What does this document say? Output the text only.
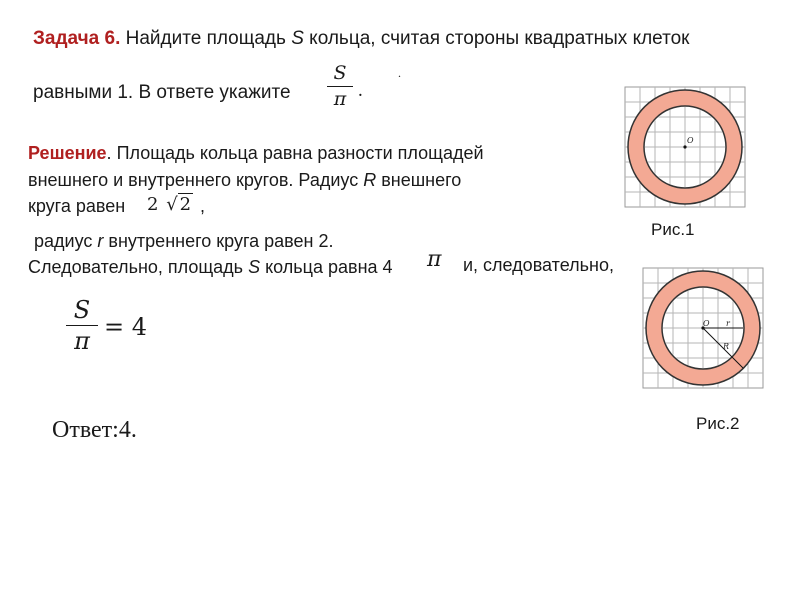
Задача 6. Найдите площадь S кольца, считая стороны квадратных клеток
равными 1. В ответе укажите
S
π .
.
Решение. Площадь кольца равна разности площадей
внешнего и внутреннего кругов. Радиус R внешнего
круга равен 2 √ 2 ,
радиус r внутреннего круга равен 2.
Следовательно, площадь S кольца равна 4 π и, следовательно,
S
π = 4
Ответ:4.
O
Рис.1
O r
R
Рис.2
